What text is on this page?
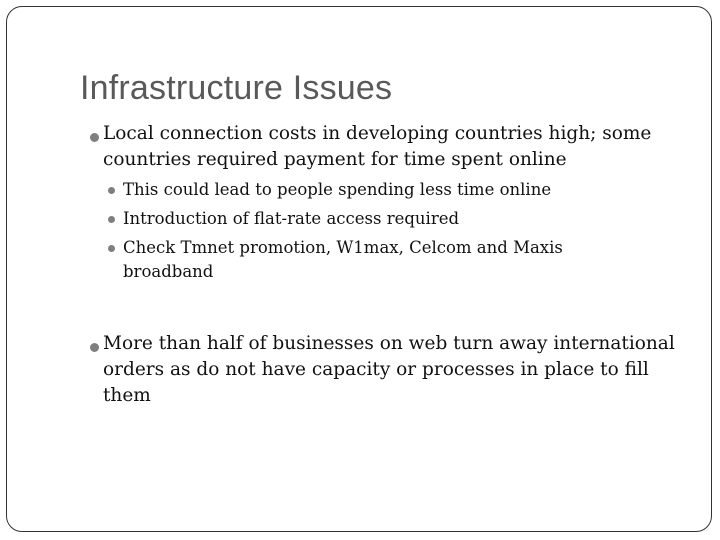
Infrastructure Issues
Local connection costs in developing countries high; some countries required payment for time spent online
This could lead to people spending less time online
Introduction of flat-rate access required
Check Tmnet promotion, W1max, Celcom and Maxis broadband
More than half of businesses on web turn away international orders as do not have capacity or processes in place to fill them
